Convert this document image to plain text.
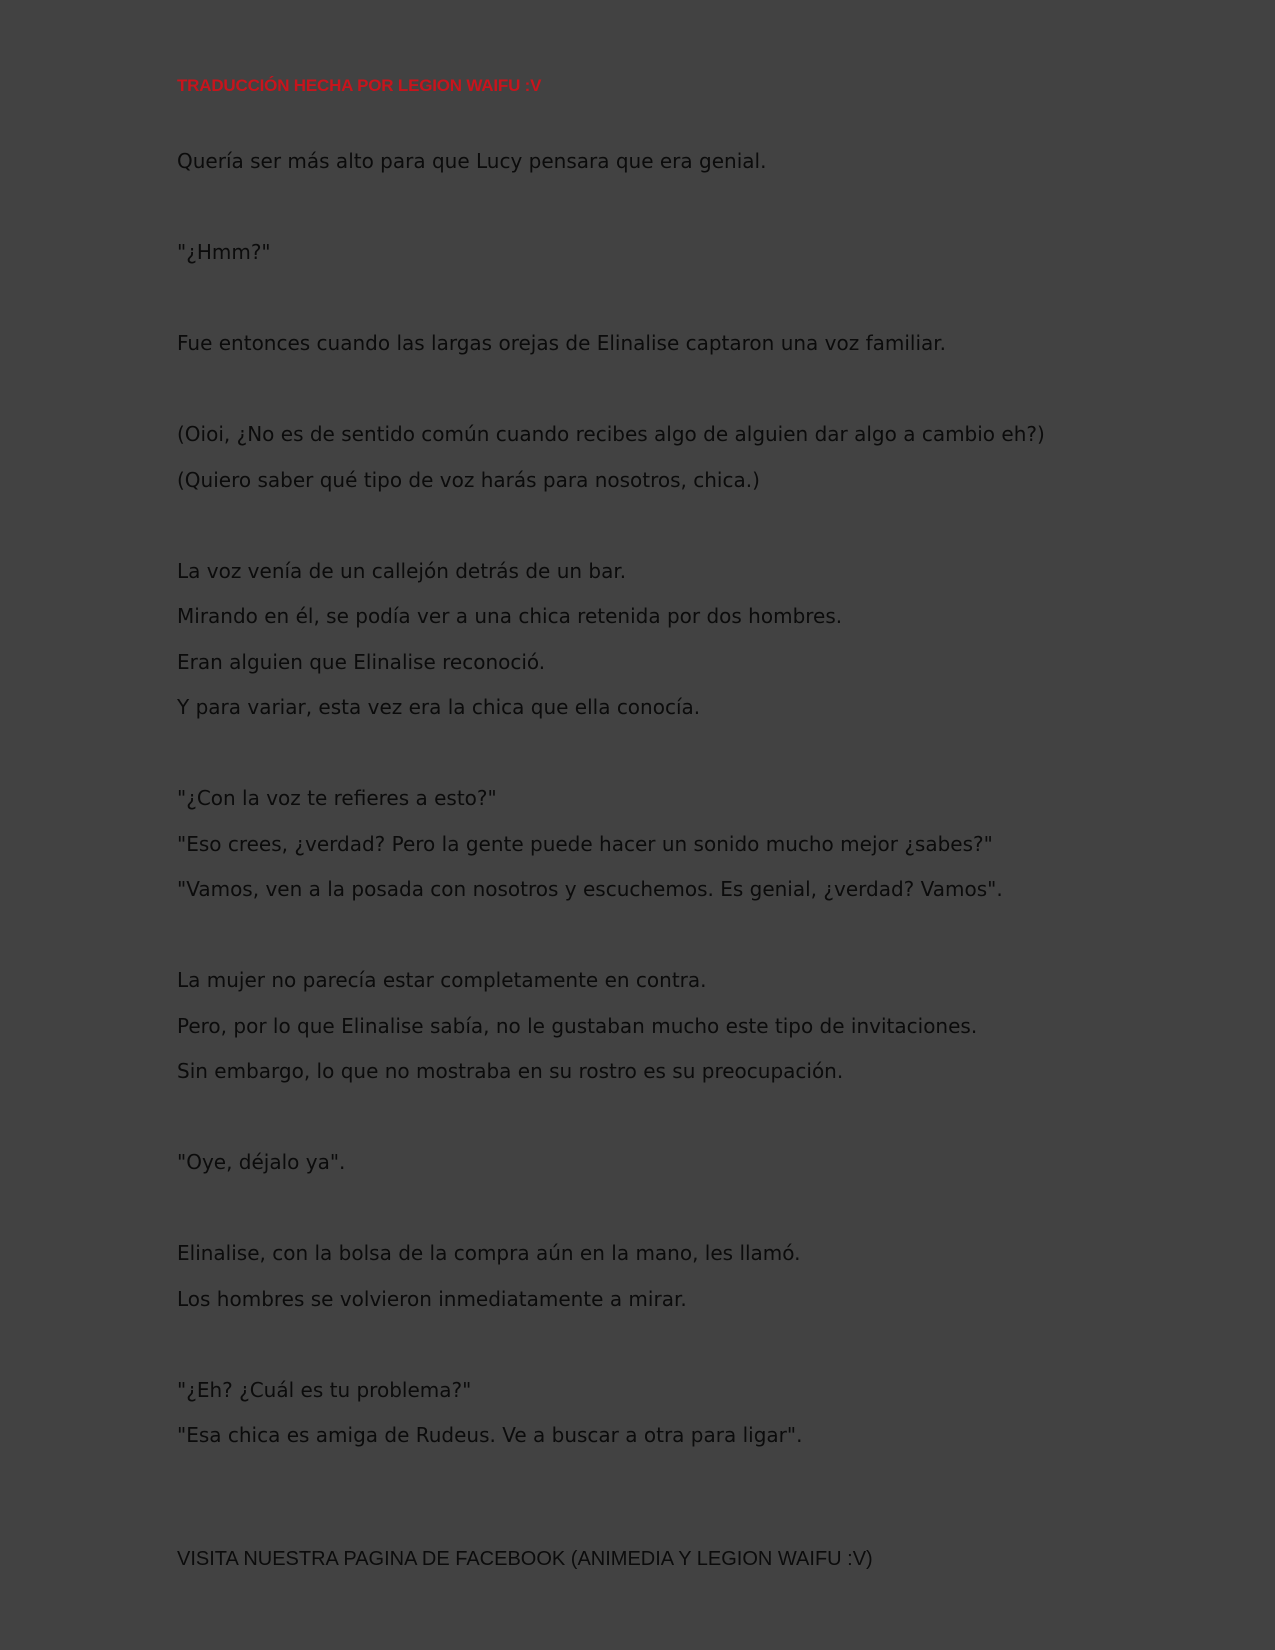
TRADUCCIÓN HECHA POR LEGION WAIFU :V
Quería ser más alto para que Lucy pensara que era genial.
"¿Hmm?"
Fue entonces cuando las largas orejas de Elinalise captaron una voz familiar.
(Oioi, ¿No es de sentido común cuando recibes algo de alguien dar algo a cambio eh?)
(Quiero saber qué tipo de voz harás para nosotros, chica.)
La voz venía de un callejón detrás de un bar.
Mirando en él, se podía ver a una chica retenida por dos hombres.
Eran alguien que Elinalise reconoció.
Y para variar, esta vez era la chica que ella conocía.
"¿Con la voz te refieres a esto?"
"Eso crees, ¿verdad? Pero la gente puede hacer un sonido mucho mejor ¿sabes?"
"Vamos, ven a la posada con nosotros y escuchemos. Es genial, ¿verdad? Vamos".
La mujer no parecía estar completamente en contra.
Pero, por lo que Elinalise sabía, no le gustaban mucho este tipo de invitaciones.
Sin embargo, lo que no mostraba en su rostro es su preocupación.
"Oye, déjalo ya".
Elinalise, con la bolsa de la compra aún en la mano, les llamó.
Los hombres se volvieron inmediatamente a mirar.
"¿Eh? ¿Cuál es tu problema?"
"Esa chica es amiga de Rudeus. Ve a buscar a otra para ligar".
VISITA NUESTRA PAGINA DE FACEBOOK (ANIMEDIA Y LEGION WAIFU :V)
